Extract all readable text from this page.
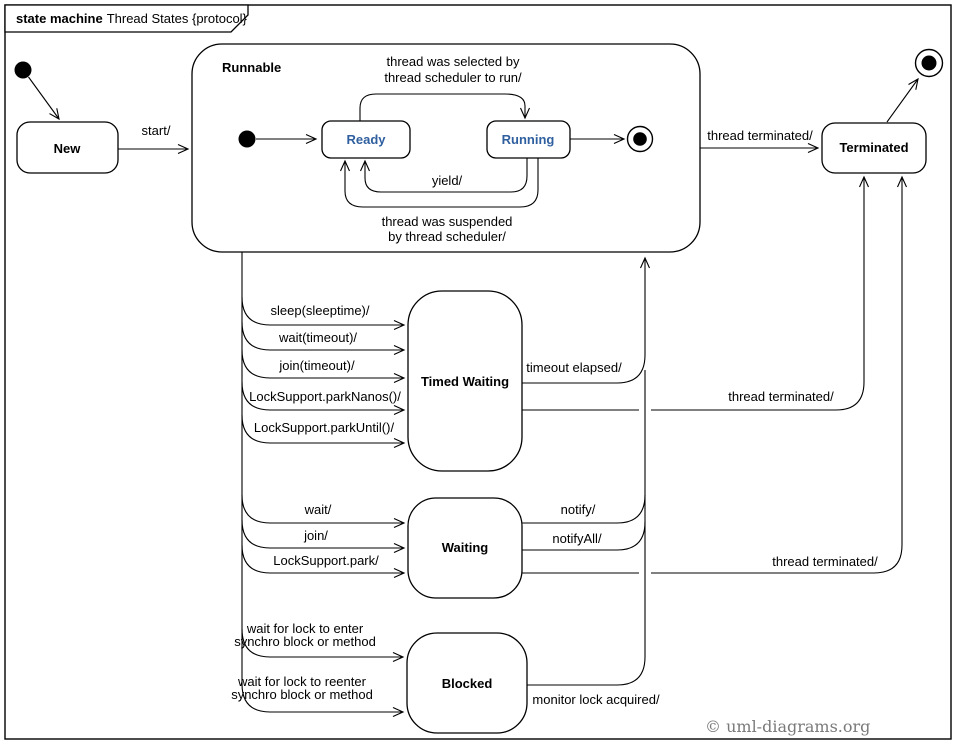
state machine Thread States {protocol}
New
start/
Runnable
Ready	Running
thread was selected by
thread scheduler to run/
yield/
thread was suspended
by thread scheduler/
thread terminated/
Terminated
sleep(sleeptime)/
wait(timeout)/
join(timeout)/
LockSupport.parkNanos()/
LockSupport.parkUntil()/
Timed Waiting
timeout elapsed/
thread terminated/
wait/
join/
LockSupport.park/
Waiting
notify/
notifyAll/
thread terminated/
wait for lock to enter
synchro block or method
wait for lock to reenter
synchro block or method
Blocked
monitor lock acquired/
© uml-diagrams.org
